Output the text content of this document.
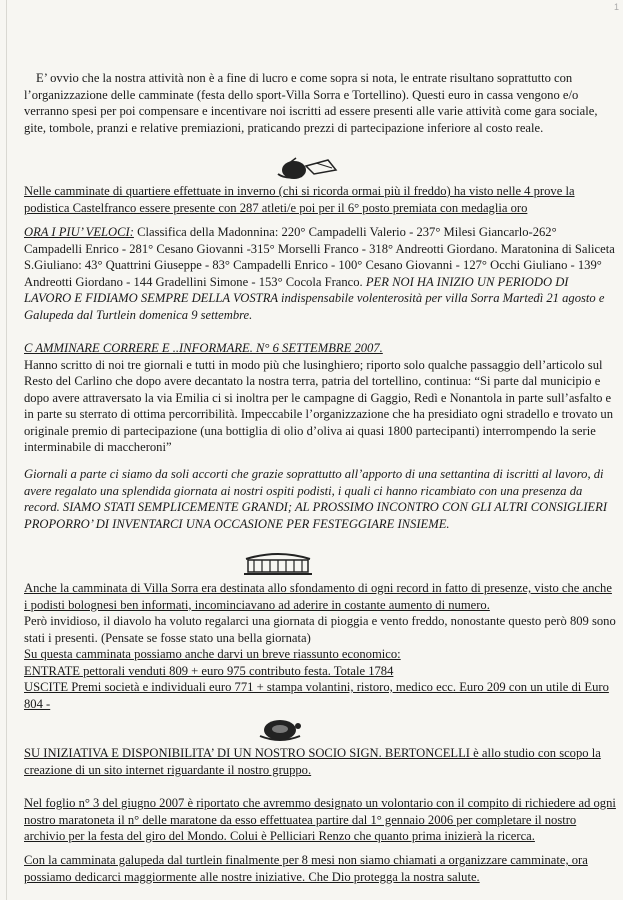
1

E’ ovvio che la nostra attività non è a fine di lucro e come sopra si nota, le entrate risultano soprattutto con l’organizzazione delle camminate (festa dello sport-Villa Sorra e Tortellino). Questi euro in cassa vengono e/o verranno spesi per poi compensare e incentivare noi iscritti ad essere presenti alle varie attività come gara sociale, gite, tombole, pranzi e relative premiazioni, praticando prezzi di partecipazione inferiore al costo reale.

Nelle camminate di quartiere effettuate in inverno (chi si ricorda ormai più il freddo) ha visto nelle 4 prove la podistica Castelfranco essere presente con 287 atleti/e poi per il 6° posto premiata con medaglia oro

ORA I PIU’ VELOCI: Classifica della Madonnina: 220° Campadelli Valerio - 237° Milesi Giancarlo-262° Campadelli Enrico - 281° Cesano Giovanni -315° Morselli Franco - 318° Andreotti Giordano. Maratonina di Saliceta S.Giuliano: 43° Quattrini Giuseppe - 83° Campadelli Enrico - 100° Cesano Giovanni - 127° Occhi Giuliano - 139° Andreotti Giordano - 144 Gradellini Simone - 153° Cocola Franco. PER NOI HA INIZIO UN PERIODO DI LAVORO E FIDIAMO SEMPRE DELLA VOSTRA indispensabile volenterosità per villa Sorra Martedì 21 agosto e Galupeda dal Turtlein domenica 9 settembre.

C AMMINARE CORRERE E ..INFORMARE. N° 6 SETTEMBRE 2007.

Hanno scritto di noi tre giornali e tutti in modo più che lusinghiero; riporto solo qualche passaggio dell’articolo sul Resto del Carlino che dopo avere decantato la nostra terra, patria del tortellino, continua: “Si parte dal municipio e dopo avere attraversato la via Emilia ci si inoltra per le campagne di Gaggio, Redì e Nonantola in parte sull’asfalto e in parte su sterrato di ottima percorribilità. Impeccabile l’organizzazione che ha presidiato ogni stradello e trovato un originale premio di partecipazione (una bottiglia di olio d’oliva ai quasi 1800 partecipanti) interrompendo la serie interminabile di maccheroni”

Giornali a parte ci siamo da soli accorti che grazie soprattutto all’apporto di una settantina di iscritti al lavoro, di avere regalato una splendida giornata ai nostri ospiti podisti, i quali ci hanno ricambiato con una presenza da record. SIAMO STATI SEMPLICEMENTE GRANDI; AL PROSSIMO INCONTRO CON GLI ALTRI CONSIGLIERI PROPORRO’ DI INVENTARCI UNA OCCASIONE PER FESTEGGIARE INSIEME.

Anche la camminata di Villa Sorra era destinata allo sfondamento di ogni record in fatto di presenze, visto che anche i podisti bolognesi ben informati, incominciavano ad aderire in costante aumento di numero.

Però invidioso, il diavolo ha voluto regalarci una giornata di pioggia e vento freddo, nonostante questo però 809 sono stati i presenti. (Pensate se fosse stato una bella giornata)

Su questa camminata possiamo anche darvi un breve riassunto economico:

ENTRATE pettorali venduti 809 + euro 975 contributo festa. Totale 1784

USCITE Premi società e individuali euro 771 + stampa volantini, ristoro, medico ecc. Euro 209 con un utile di Euro 804 -

SU INIZIATIVA E DISPONIBILITA’ DI UN NOSTRO SOCIO SIGN. BERTONCELLI è allo studio con scopo la creazione di un sito internet riguardante il nostro gruppo.

Nel foglio n° 3 del giugno 2007 è riportato che avremmo designato un volontario con il compito di richiedere ad ogni nostro maratoneta il n° delle maratone da esso effettuatea partire dal 1° gennaio 2006 per completare il nostro archivio per la festa del giro del Mondo. Colui è Pelliciari Renzo che quanto prima inizierà la ricerca.

Con la camminata galupeda dal turtlein finalmente per 8 mesi non siamo chiamati a organizzare camminate, ora possiamo dedicarci maggiormente alle nostre iniziative. Che Dio protegga la nostra salute.
